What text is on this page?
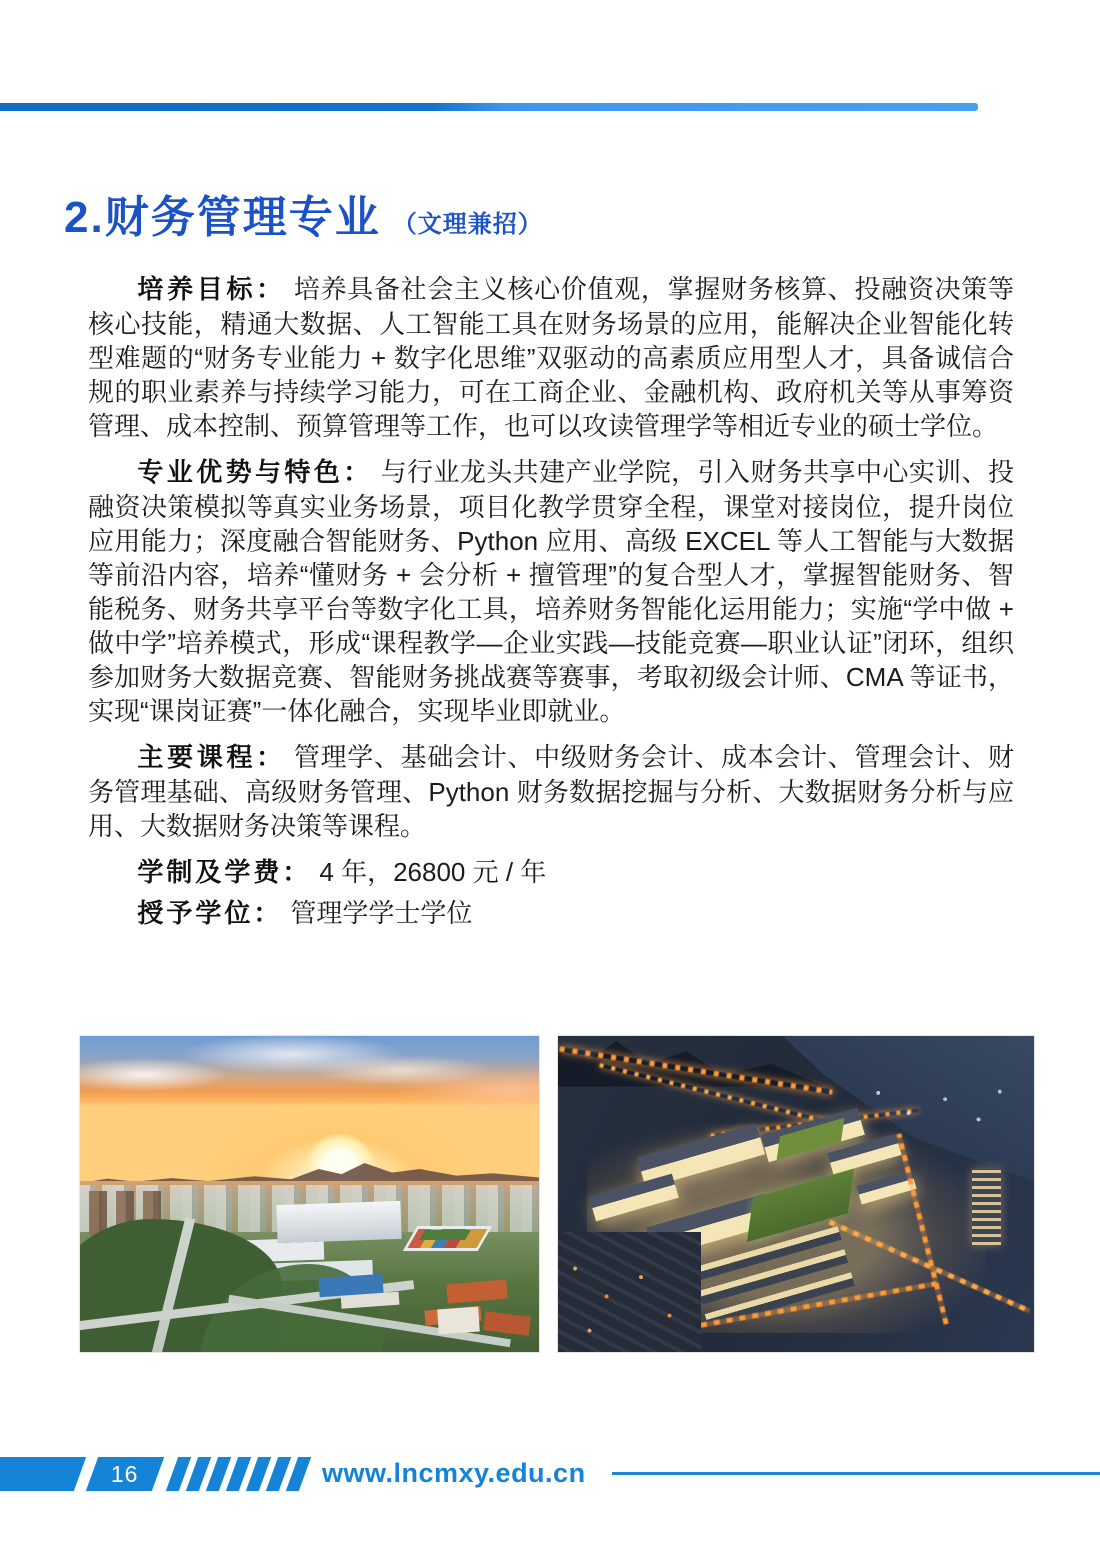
2.财务管理专业 （文理兼招）

培养目标： 培养具备社会主义核心价值观，掌握财务核算、投融资决策等核心技能，精通大数据、人工智能工具在财务场景的应用，能解决企业智能化转型难题的“财务专业能力 + 数字化思维”双驱动的高素质应用型人才，具备诚信合规的职业素养与持续学习能力，可在工商企业、金融机构、政府机关等从事筹资管理、成本控制、预算管理等工作，也可以攻读管理学等相近专业的硕士学位。

专业优势与特色： 与行业龙头共建产业学院，引入财务共享中心实训、投融资决策模拟等真实业务场景，项目化教学贯穿全程，课堂对接岗位，提升岗位应用能力；深度融合智能财务、Python 应用、高级 EXCEL 等人工智能与大数据等前沿内容，培养“懂财务 + 会分析 + 擅管理”的复合型人才，掌握智能财务、智能税务、财务共享平台等数字化工具，培养财务智能化运用能力；实施“学中做 + 做中学”培养模式，形成“课程教学—企业实践—技能竞赛—职业认证”闭环，组织参加财务大数据竞赛、智能财务挑战赛等赛事，考取初级会计师、CMA 等证书，实现“课岗证赛”一体化融合，实现毕业即就业。

主要课程： 管理学、基础会计、中级财务会计、成本会计、管理会计、财务管理基础、高级财务管理、Python 财务数据挖掘与分析、大数据财务分析与应用、大数据财务决策等课程。

学制及学费： 4 年，26800 元 / 年

授予学位： 管理学学士学位

16	www.lncmxy.edu.cn
